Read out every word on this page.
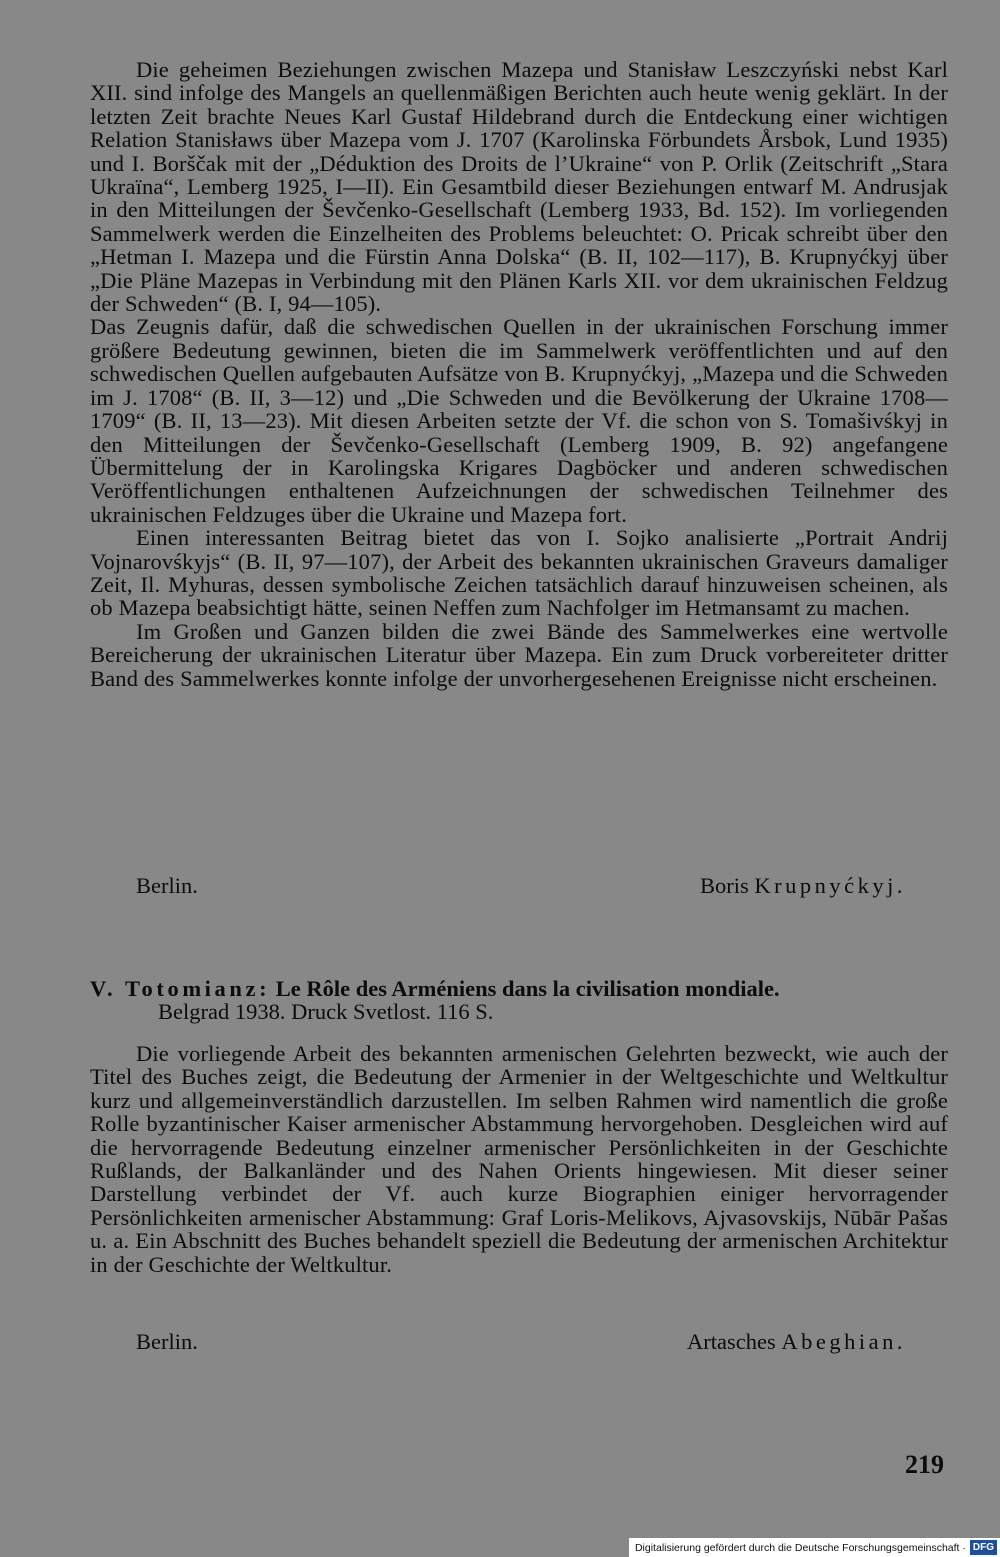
Die geheimen Beziehungen zwischen Mazepa und Stanisław Leszczyński nebst Karl XII. sind infolge des Mangels an quellenmäßigen Berichten auch heute wenig geklärt. In der letzten Zeit brachte Neues Karl Gustaf Hildebrand durch die Entdeckung einer wichtigen Relation Stanisławs über Mazepa vom J. 1707 (Karolinska Förbundets Årsbok, Lund 1935) und I. Borščak mit der „Déduktion des Droits de l’Ukraine“ von P. Orlik (Zeitschrift „Stara Ukraïna“, Lemberg 1925, I—II). Ein Gesamtbild dieser Beziehungen entwarf M. Andrusjak in den Mitteilungen der Ševčenko-Gesellschaft (Lemberg 1933, Bd. 152). Im vorliegenden Sammelwerk werden die Einzelheiten des Problems beleuchtet: O. Pricak schreibt über den „Hetman I. Mazepa und die Fürstin Anna Dolska“ (B. II, 102—117), B. Krupnyćkyj über „Die Pläne Mazepas in Verbindung mit den Plänen Karls XII. vor dem ukrainischen Feldzug der Schweden“ (B. I, 94—105).

Das Zeugnis dafür, daß die schwedischen Quellen in der ukrainischen Forschung immer größere Bedeutung gewinnen, bieten die im Sammelwerk veröffentlichten und auf den schwedischen Quellen aufgebauten Aufsätze von B. Krupnyćkyj, „Mazepa und die Schweden im J. 1708“ (B. II, 3—12) und „Die Schweden und die Bevölkerung der Ukraine 1708—1709“ (B. II, 13—23). Mit diesen Arbeiten setzte der Vf. die schon von S. Tomašivśkyj in den Mitteilungen der Ševčenko-Gesellschaft (Lemberg 1909, B. 92) angefangene Übermittelung der in Karolingska Krigares Dagböcker und anderen schwedischen Veröffentlichungen enthaltenen Aufzeichnungen der schwedischen Teilnehmer des ukrainischen Feldzuges über die Ukraine und Mazepa fort.

Einen interessanten Beitrag bietet das von I. Sojko analisierte „Portrait Andrij Vojnarovśkyjs“ (B. II, 97—107), der Arbeit des bekannten ukrainischen Graveurs damaliger Zeit, Il. Myhuras, dessen symbolische Zeichen tatsächlich darauf hinzuweisen scheinen, als ob Mazepa beabsichtigt hätte, seinen Neffen zum Nachfolger im Hetmansamt zu machen.

Im Großen und Ganzen bilden die zwei Bände des Sammelwerkes eine wertvolle Bereicherung der ukrainischen Literatur über Mazepa. Ein zum Druck vorbereiteter dritter Band des Sammelwerkes konnte infolge der unvorhergesehenen Ereignisse nicht erscheinen.

Berlin.	Boris Krupnyćkyj.
V. Totomianz: Le Rôle des Arméniens dans la civilisation mondiale.
Belgrad 1938. Druck Svetlost. 116 S.

Die vorliegende Arbeit des bekannten armenischen Gelehrten bezweckt, wie auch der Titel des Buches zeigt, die Bedeutung der Armenier in der Weltgeschichte und Weltkultur kurz und allgemeinverständlich darzustellen. Im selben Rahmen wird namentlich die große Rolle byzantinischer Kaiser armenischer Abstammung hervorgehoben. Desgleichen wird auf die hervorragende Bedeutung einzelner armenischer Persönlichkeiten in der Geschichte Rußlands, der Balkanländer und des Nahen Orients hingewiesen. Mit dieser seiner Darstellung verbindet der Vf. auch kurze Biographien einiger hervorragender Persönlichkeiten armenischer Abstammung: Graf Loris-Melikovs, Ajvasovskijs, Nūbār Pašas u. a. Ein Abschnitt des Buches behandelt speziell die Bedeutung der armenischen Architektur in der Geschichte der Weltkultur.

Berlin.	Artasches Abeghian.
219
Digitalisierung gefördert durch die Deutsche Forschungsgemeinschaft · DFG
